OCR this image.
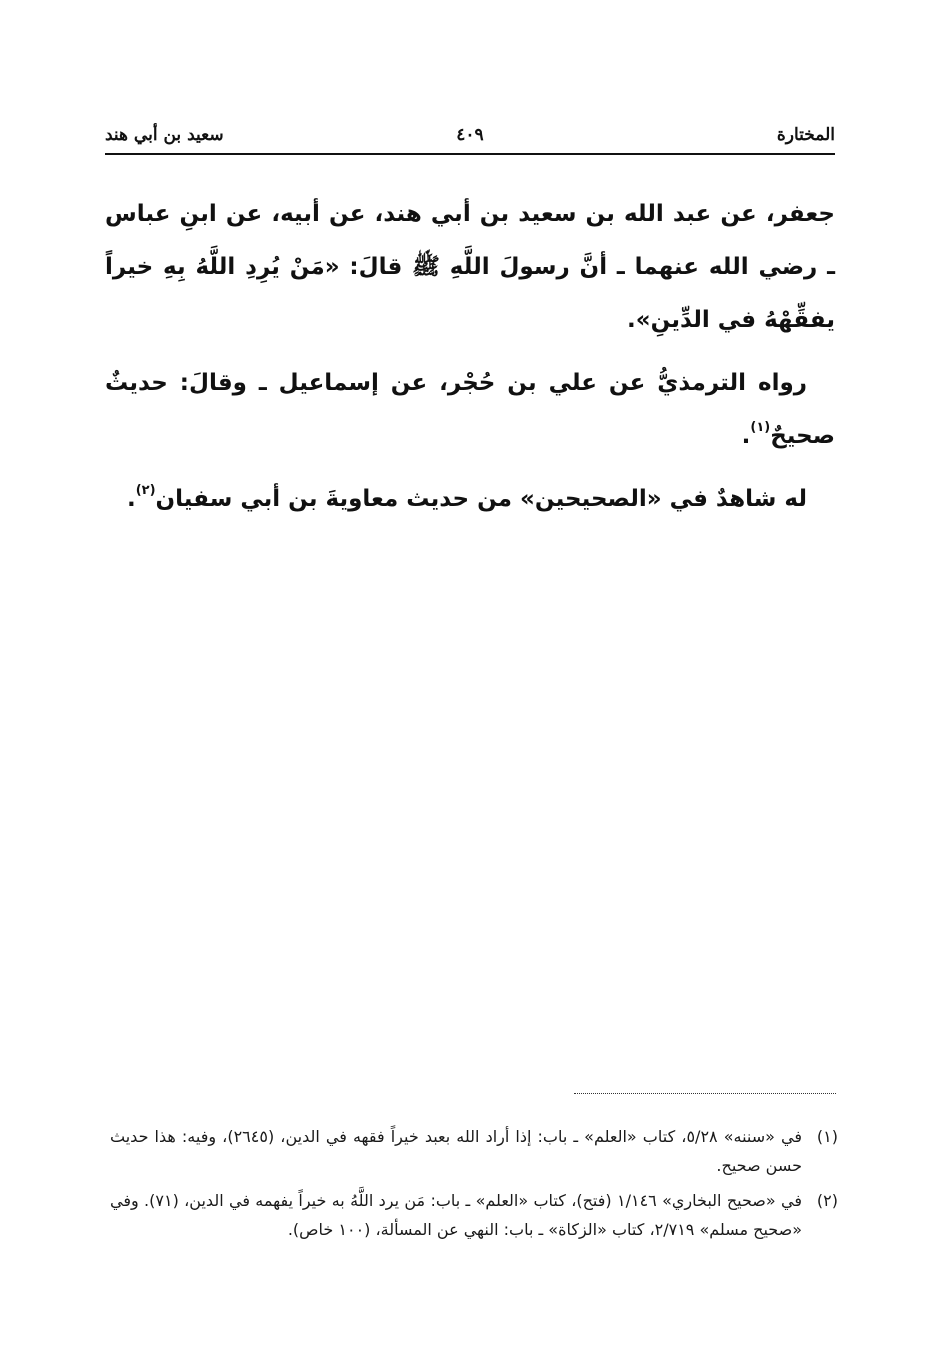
المختارة
٤٠٩
سعيد بن أبي هند

جعفر، عن عبد الله بن سعيد بن أبي هند، عن أبيه، عن ابنِ عباس ـ رضي الله عنهما ـ أنَّ رسولَ اللَّهِ ﷺ قالَ: «مَنْ يُرِدِ اللَّهُ بِهِ خيراً يفقِّهْهُ في الدِّينِ».

رواه الترمذيُّ عن علي بن حُجْر، عن إسماعيل ـ وقالَ: حديثٌ صحيحٌ$^{(١)}$.

له شاهدٌ في «الصحيحين» من حديث معاويةَ بن أبي سفيان$^{(٢)}$.

(١)
في «سننه» ٥/٢٨، كتاب «العلم» ـ باب: إذا أراد الله بعبد خيراً فقهه في الدين، (٢٦٤٥)، وفيه: هذا حديث حسن صحيح.
(٢)
في «صحيح البخاري» ١/١٤٦ (فتح)، كتاب «العلم» ـ باب: مَن يرد اللَّهُ به خيراً يفهمه في الدين، (٧١). وفي «صحيح مسلم» ٢/٧١٩، كتاب «الزكاة» ـ باب: النهي عن المسألة، (١٠٠ خاص).
